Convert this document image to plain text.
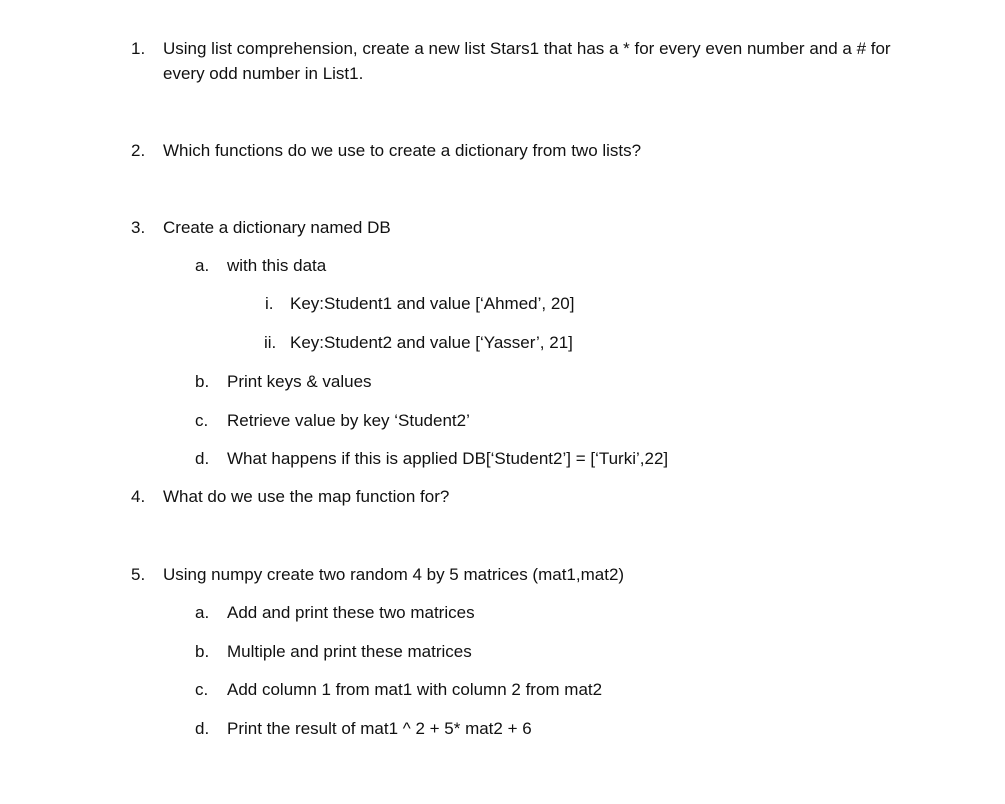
1. Using list comprehension, create a new list Stars1 that has a * for every even number and a # for
every odd number in List1.
2. Which functions do we use to create a dictionary from two lists?
3. Create a dictionary named DB
a. with this data
i. Key:Student1 and value [‘Ahmed’, 20]
ii. Key:Student2 and value [‘Yasser’, 21]
b. Print keys & values
c. Retrieve value by key ‘Student2’
d. What happens if this is applied DB[‘Student2’] = [‘Turki’,22]
4. What do we use the map function for?
5. Using numpy create two random 4 by 5 matrices (mat1,mat2)
a. Add and print these two matrices
b. Multiple and print these matrices
c. Add column 1 from mat1 with column 2 from mat2
d. Print the result of mat1 ^ 2 + 5* mat2 + 6
